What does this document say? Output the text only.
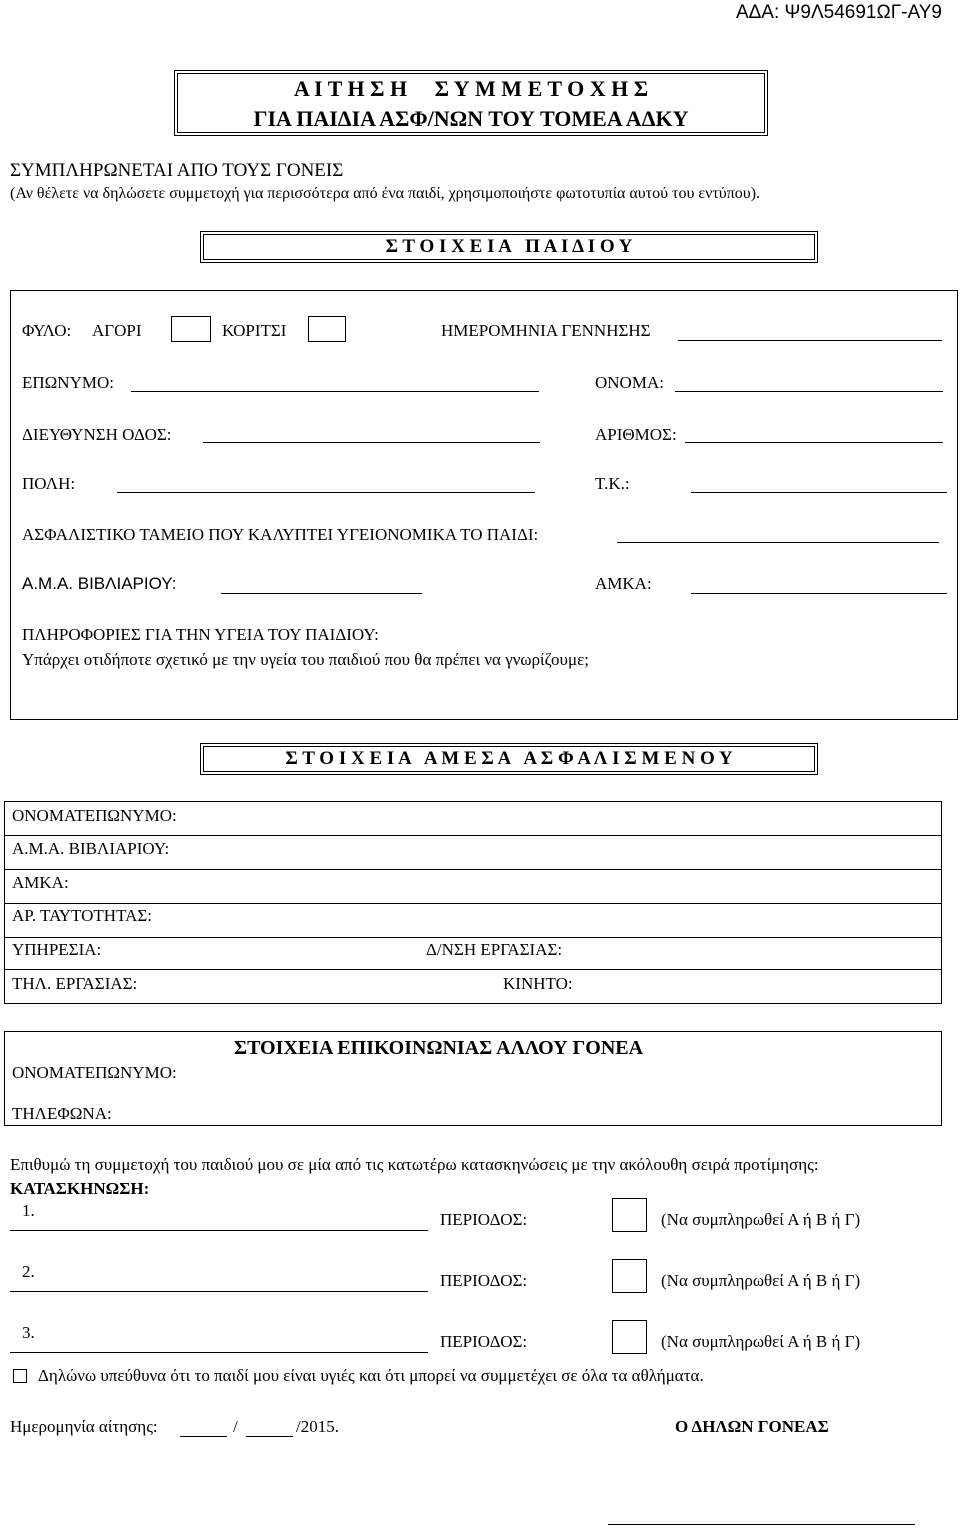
ΑΔΑ: Ψ9Λ54691ΩΓ-ΑΥ9
Α Ι Τ Η Σ Η     Σ Υ Μ Μ Ε Τ Ο Χ Η Σ
ΓΙΑ ΠΑΙΔΙΑ ΑΣΦ/ΝΩΝ ΤΟΥ ΤΟΜΕΑ ΑΔΚΥ
ΣΥΜΠΛΗΡΩΝΕΤΑΙ ΑΠΟ ΤΟΥΣ ΓΟΝΕΙΣ
(Αν θέλετε να δηλώσετε συμμετοχή για περισσότερα από ένα παιδί, χρησιμοποιήστε φωτοτυπία αυτού του εντύπου).
Σ Τ Ο Ι Χ Ε Ι Α   Π Α Ι Δ Ι Ο Υ
ΦΥΛΟ: ΑΓΟΡΙ	ΚΟΡΙΤΣΙ	ΗΜΕΡΟΜΗΝΙΑ ΓΕΝΝΗΣΗΣ
ΕΠΩΝΥΜΟ:	ΟΝΟΜΑ:
ΔΙΕΥΘΥΝΣΗ ΟΔΟΣ:	ΑΡΙΘΜΟΣ:
ΠΟΛΗ:	Τ.Κ.:
ΑΣΦΑΛΙΣΤΙΚΟ ΤΑΜΕΙΟ ΠΟΥ ΚΑΛΥΠΤΕΙ ΥΓΕΙΟΝΟΜΙΚΑ ΤΟ ΠΑΙΔΙ:
Α.Μ.Α. ΒΙΒΛΙΑΡΙΟΥ:	ΑΜΚΑ:
ΠΛΗΡΟΦΟΡΙΕΣ ΓΙΑ ΤΗΝ ΥΓΕΙΑ ΤΟΥ ΠΑΙΔΙΟΥ:
Υπάρχει οτιδήποτε σχετικό με την υγεία του παιδιού που θα πρέπει να γνωρίζουμε;
Σ Τ Ο Ι Χ Ε Ι Α   Α Μ Ε Σ Α   Α Σ Φ Α Λ Ι Σ Μ Ε Ν Ο Υ
ΟΝΟΜΑΤΕΠΩΝΥΜΟ:
Α.Μ.Α. ΒΙΒΛΙΑΡΙΟΥ:
ΑΜΚΑ:
ΑΡ. ΤΑΥΤΟΤΗΤΑΣ:
ΥΠΗΡΕΣΙΑ:	Δ/ΝΣΗ ΕΡΓΑΣΙΑΣ:
ΤΗΛ. ΕΡΓΑΣΙΑΣ:	ΚΙΝΗΤΟ:
ΣΤΟΙΧΕΙΑ ΕΠΙΚΟΙΝΩΝΙΑΣ ΑΛΛΟΥ ΓΟΝΕΑ
ΟΝΟΜΑΤΕΠΩΝΥΜΟ:
ΤΗΛΕΦΩΝΑ:
Επιθυμώ τη συμμετοχή του παιδιού μου σε μία από τις κατωτέρω κατασκηνώσεις με την ακόλουθη σειρά προτίμησης:
ΚΑΤΑΣΚΗΝΩΣΗ:
1.	ΠΕΡΙΟΔΟΣ:	(Να συμπληρωθεί Α ή Β ή Γ)
2.	ΠΕΡΙΟΔΟΣ:	(Να συμπληρωθεί Α ή Β ή Γ)
3.	ΠΕΡΙΟΔΟΣ:	(Να συμπληρωθεί Α ή Β ή Γ)
Δηλώνω υπεύθυνα ότι το παιδί μου είναι υγιές και ότι μπορεί να συμμετέχει σε όλα τα αθλήματα.
Ημερομηνία αίτησης:	/	/2015.	Ο ΔΗΛΩΝ ΓΟΝΕΑΣ
